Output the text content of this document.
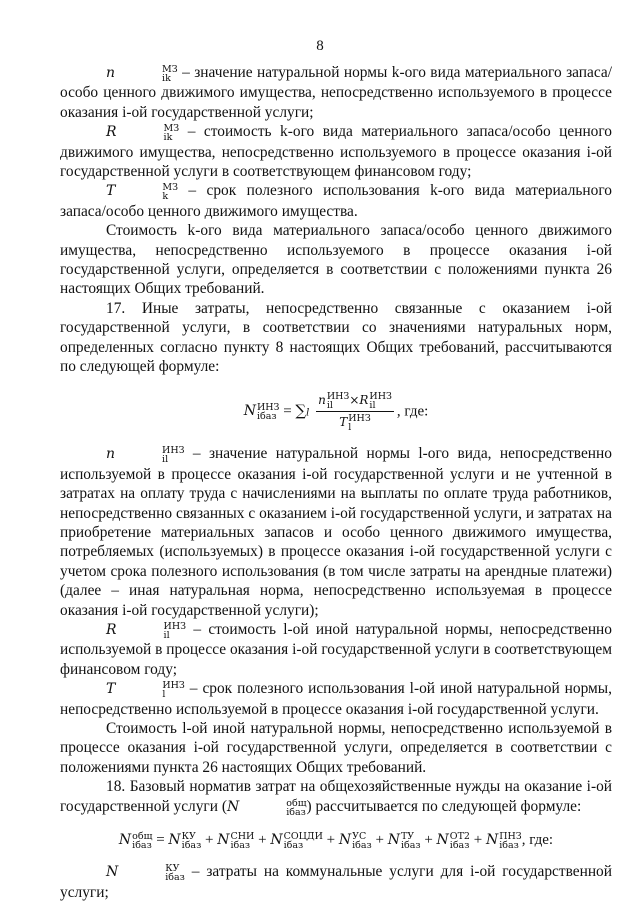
8

n	МЗ
ik – значение натуральной нормы k-ого вида материального запаса/особо ценного движимого имущества, непосредственно используемого в процессе оказания i-ой государственной услуги;

R	МЗ
ik – стоимость k-ого вида материального запаса/особо ценного движимого имущества, непосредственно используемого в процессе оказания i-ой государственной услуги в соответствующем финансовом году;

T	МЗ
k	– срок полезного использования k-ого вида материального запаса/особо ценного движимого имущества.

Стоимость k-ого вида материального запаса/особо ценного движимого имущества, непосредственно используемого в процессе оказания i-ой государственной услуги, определяется в соответствии с положениями пункта 26 настоящих Общих требований.

17. Иные затраты, непосредственно связанные с оказанием i-ой государственной услуги, в соответствии со значениями натуральных норм, определенных согласно пункту 8 настоящих Общих требований, рассчитываются по следующей формуле:

N ИНЗ
iбаз = ∑l n ИНЗ
il	×R ИНЗ
il
T ИНЗ
l , где:

n	ИНЗ
il	– значение натуральной нормы l-ого вида, непосредственно используемой в процессе оказания i-ой государственной услуги и не учтенной в затратах на оплату труда с начислениями на выплаты по оплате труда работников, непосредственно связанных с оказанием i-ой государственной услуги, и затратах на приобретение материальных запасов и особо ценного движимого имущества, потребляемых (используемых) в процессе оказания i-ой государственной услуги с учетом срока полезного использования (в том числе затраты на арендные платежи) (далее – иная натуральная норма, непосредственно используемая в процессе оказания i-ой государственной услуги);

R	ИНЗ
il	– стоимость l-ой иной натуральной нормы, непосредственно используемой в процессе оказания i-ой государственной услуги в соответствующем финансовом году;

T	ИНЗ
l	– срок полезного использования l-ой иной натуральной нормы, непосредственно используемой в процессе оказания i-ой государственной услуги.

Стоимость l-ой иной натуральной нормы, непосредственно используемой в процессе оказания i-ой государственной услуги, определяется в соответствии с положениями пункта 26 настоящих Общих требований.

18. Базовый норматив затрат на общехозяйственные нужды на оказание i-ой государственной услуги (N	общ
iбаз ) рассчитывается по следующей формуле:

N общ
iбаз = N КУ
iбаз + N СНИ
iбаз + N СОЦДИ
iбаз	+ N УС
iбаз + N ТУ
iбаз + N ОТ2
iбаз + N ПНЗ
iбаз , где:

N	КУ
iбаз – затраты на коммунальные услуги для i-ой государственной услуги;
